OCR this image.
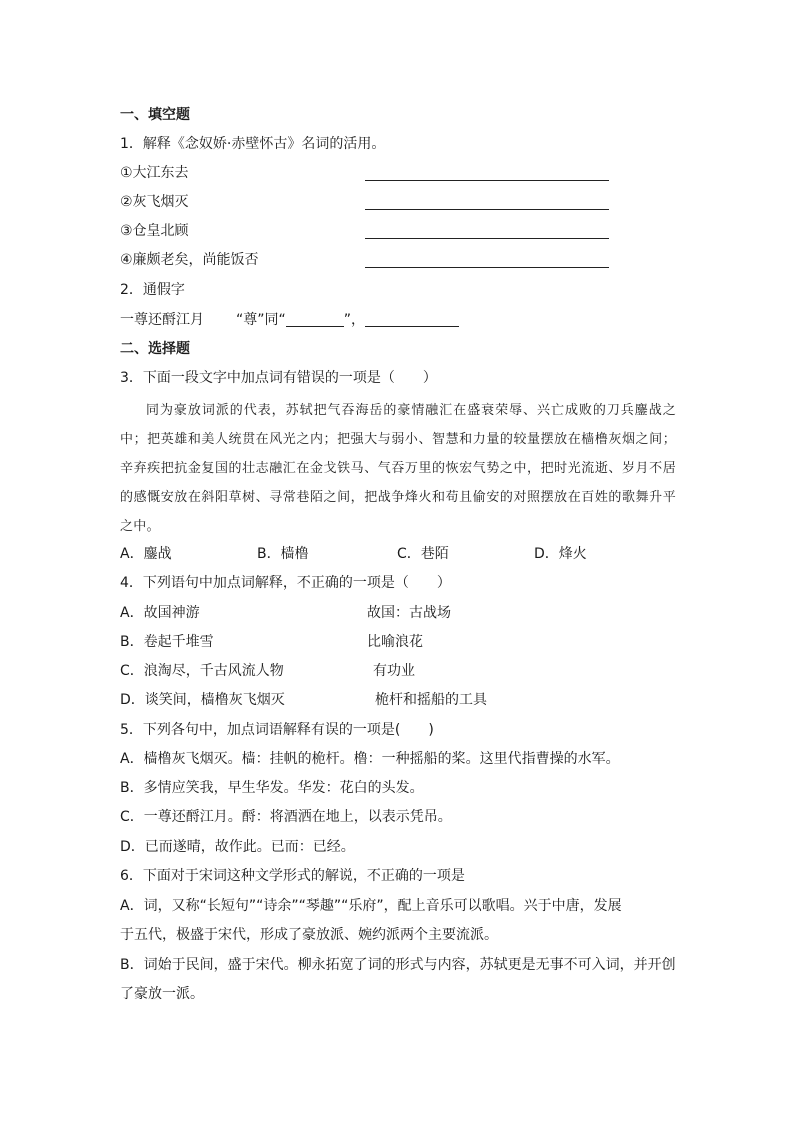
一、填空题
1．解释《念奴娇·赤壁怀古》名词的活用。
①大江东去
②灰飞烟灭
③仓皇北顾
④廉颇老矣，尚能饭否
2．通假字
一尊还酹江月 “尊”同“	”，
二、选择题
3．下面一段文字中加点词有错误的一项是（　　）
同为豪放词派的代表，苏轼把气吞海岳的豪情融汇在盛衰荣辱、兴亡成败的刀兵鏖战之中；把英雄和美人统贯在风光之内；把强大与弱小、智慧和力量的较量摆放在樯橹灰烟之间；辛弃疾把抗金复国的壮志融汇在金戈铁马、气吞万里的恢宏气势之中，把时光流逝、岁月不居的感慨安放在斜阳草树、寻常巷陌之间，把战争烽火和苟且偷安的对照摆放在百姓的歌舞升平之中。
A．鏖战	B．樯橹	C．巷陌	D．烽火
4．下列语句中加点词解释，不正确的一项是（　　）
A．故国神游	故国：古战场
B．卷起千堆雪	比喻浪花
C．浪淘尽，千古风流人物	有功业
D．谈笑间，樯橹灰飞烟灭	桅杆和摇船的工具
5．下列各句中，加点词语解释有误的一项是(　　)
A．樯橹灰飞烟灭。樯：挂帆的桅杆。橹：一种摇船的桨。这里代指曹操的水军。
B．多情应笑我，早生华发。华发：花白的头发。
C．一尊还酹江月。酹：将酒洒在地上，以表示凭吊。
D．已而遂晴，故作此。已而：已经。
6．下面对于宋词这种文学形式的解说，不正确的一项是
A．词，又称“长短句”“诗余”“琴趣”“乐府”，配上音乐可以歌唱。兴于中唐，发展
于五代，极盛于宋代，形成了豪放派、婉约派两个主要流派。
B．词始于民间，盛于宋代。柳永拓宽了词的形式与内容，苏轼更是无事不可入词，并开创
了豪放一派。
